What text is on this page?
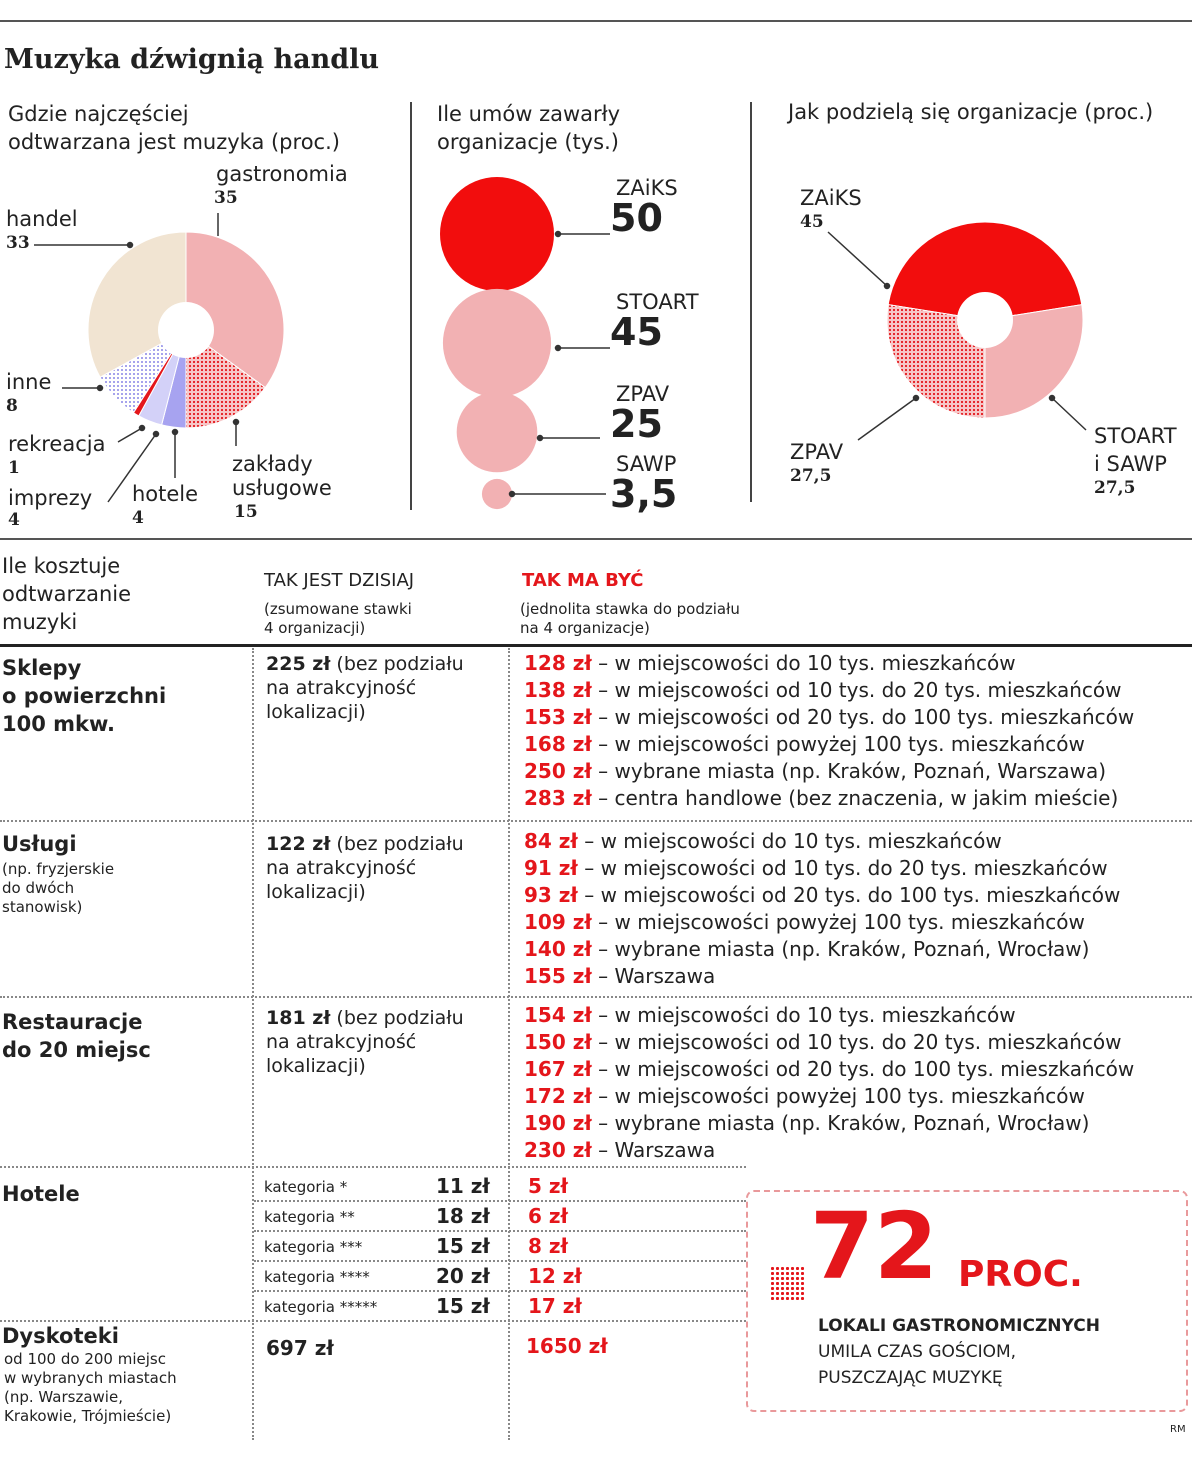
Muzyka dźwignią handlu
Gdzie najczęściej
odtwarzana jest muzyka (proc.)
Ile umów zawarły
organizacje (tys.)
Jak podzielą się organizacje (proc.)
gastronomia
35
handel
33
inne
8
rekreacja
1
imprezy
4
hotele
4
zakłady
usługowe
15
ZAiKS
50
STOART
45
ZPAV
25
SAWP
3,5
ZAiKS
45
ZPAV
27,5
STOART
i SAWP
27,5
Ile kosztuje
odtwarzanie
muzyki
TAK JEST DZISIAJ
(zsumowane stawki
4 organizacji)
TAK MA BYĆ
(jednolita stawka do podziału
na 4 organizacje)
Sklepy
o powierzchni
100 mkw.
225 zł (bez podziału
na atrakcyjność
lokalizacji)
128 zł – w miejscowości do 10 tys. mieszkańców
138 zł – w miejscowości od 10 tys. do 20 tys. mieszkańców
153 zł – w miejscowości od 20 tys. do 100 tys. mieszkańców
168 zł – w miejscowości powyżej 100 tys. mieszkańców
250 zł – wybrane miasta (np. Kraków, Poznań, Warszawa)
283 zł – centra handlowe (bez znaczenia, w jakim mieście)
Usługi
(np. fryzjerskie
do dwóch
stanowisk)
122 zł (bez podziału
na atrakcyjność
lokalizacji)
84 zł – w miejscowości do 10 tys. mieszkańców
91 zł – w miejscowości od 10 tys. do 20 tys. mieszkańców
93 zł – w miejscowości od 20 tys. do 100 tys. mieszkańców
109 zł – w miejscowości powyżej 100 tys. mieszkańców
140 zł – wybrane miasta (np. Kraków, Poznań, Wrocław)
155 zł – Warszawa
Restauracje
do 20 miejsc
181 zł (bez podziału
na atrakcyjność
lokalizacji)
154 zł – w miejscowości do 10 tys. mieszkańców
150 zł – w miejscowości od 10 tys. do 20 tys. mieszkańców
167 zł – w miejscowości od 20 tys. do 100 tys. mieszkańców
172 zł – w miejscowości powyżej 100 tys. mieszkańców
190 zł – wybrane miasta (np. Kraków, Poznań, Wrocław)
230 zł – Warszawa
Hotele	kategoria *	11 zł 5 zł
kategoria **	18 zł 6 zł
kategoria ***	15 zł 8 zł
kategoria ****	20 zł 12 zł
kategoria *****	15 zł 17 zł
Dyskoteki
od 100 do 200 miejsc
w wybranych miastach
(np. Warszawie,
Krakowie, Trójmieście)
697 zł	1650 zł
72 PROC.
LOKALI GASTRONOMICZNYCH
UMILA CZAS GOŚCIOM,
PUSZCZAJĄC MUZYKĘ
RM
